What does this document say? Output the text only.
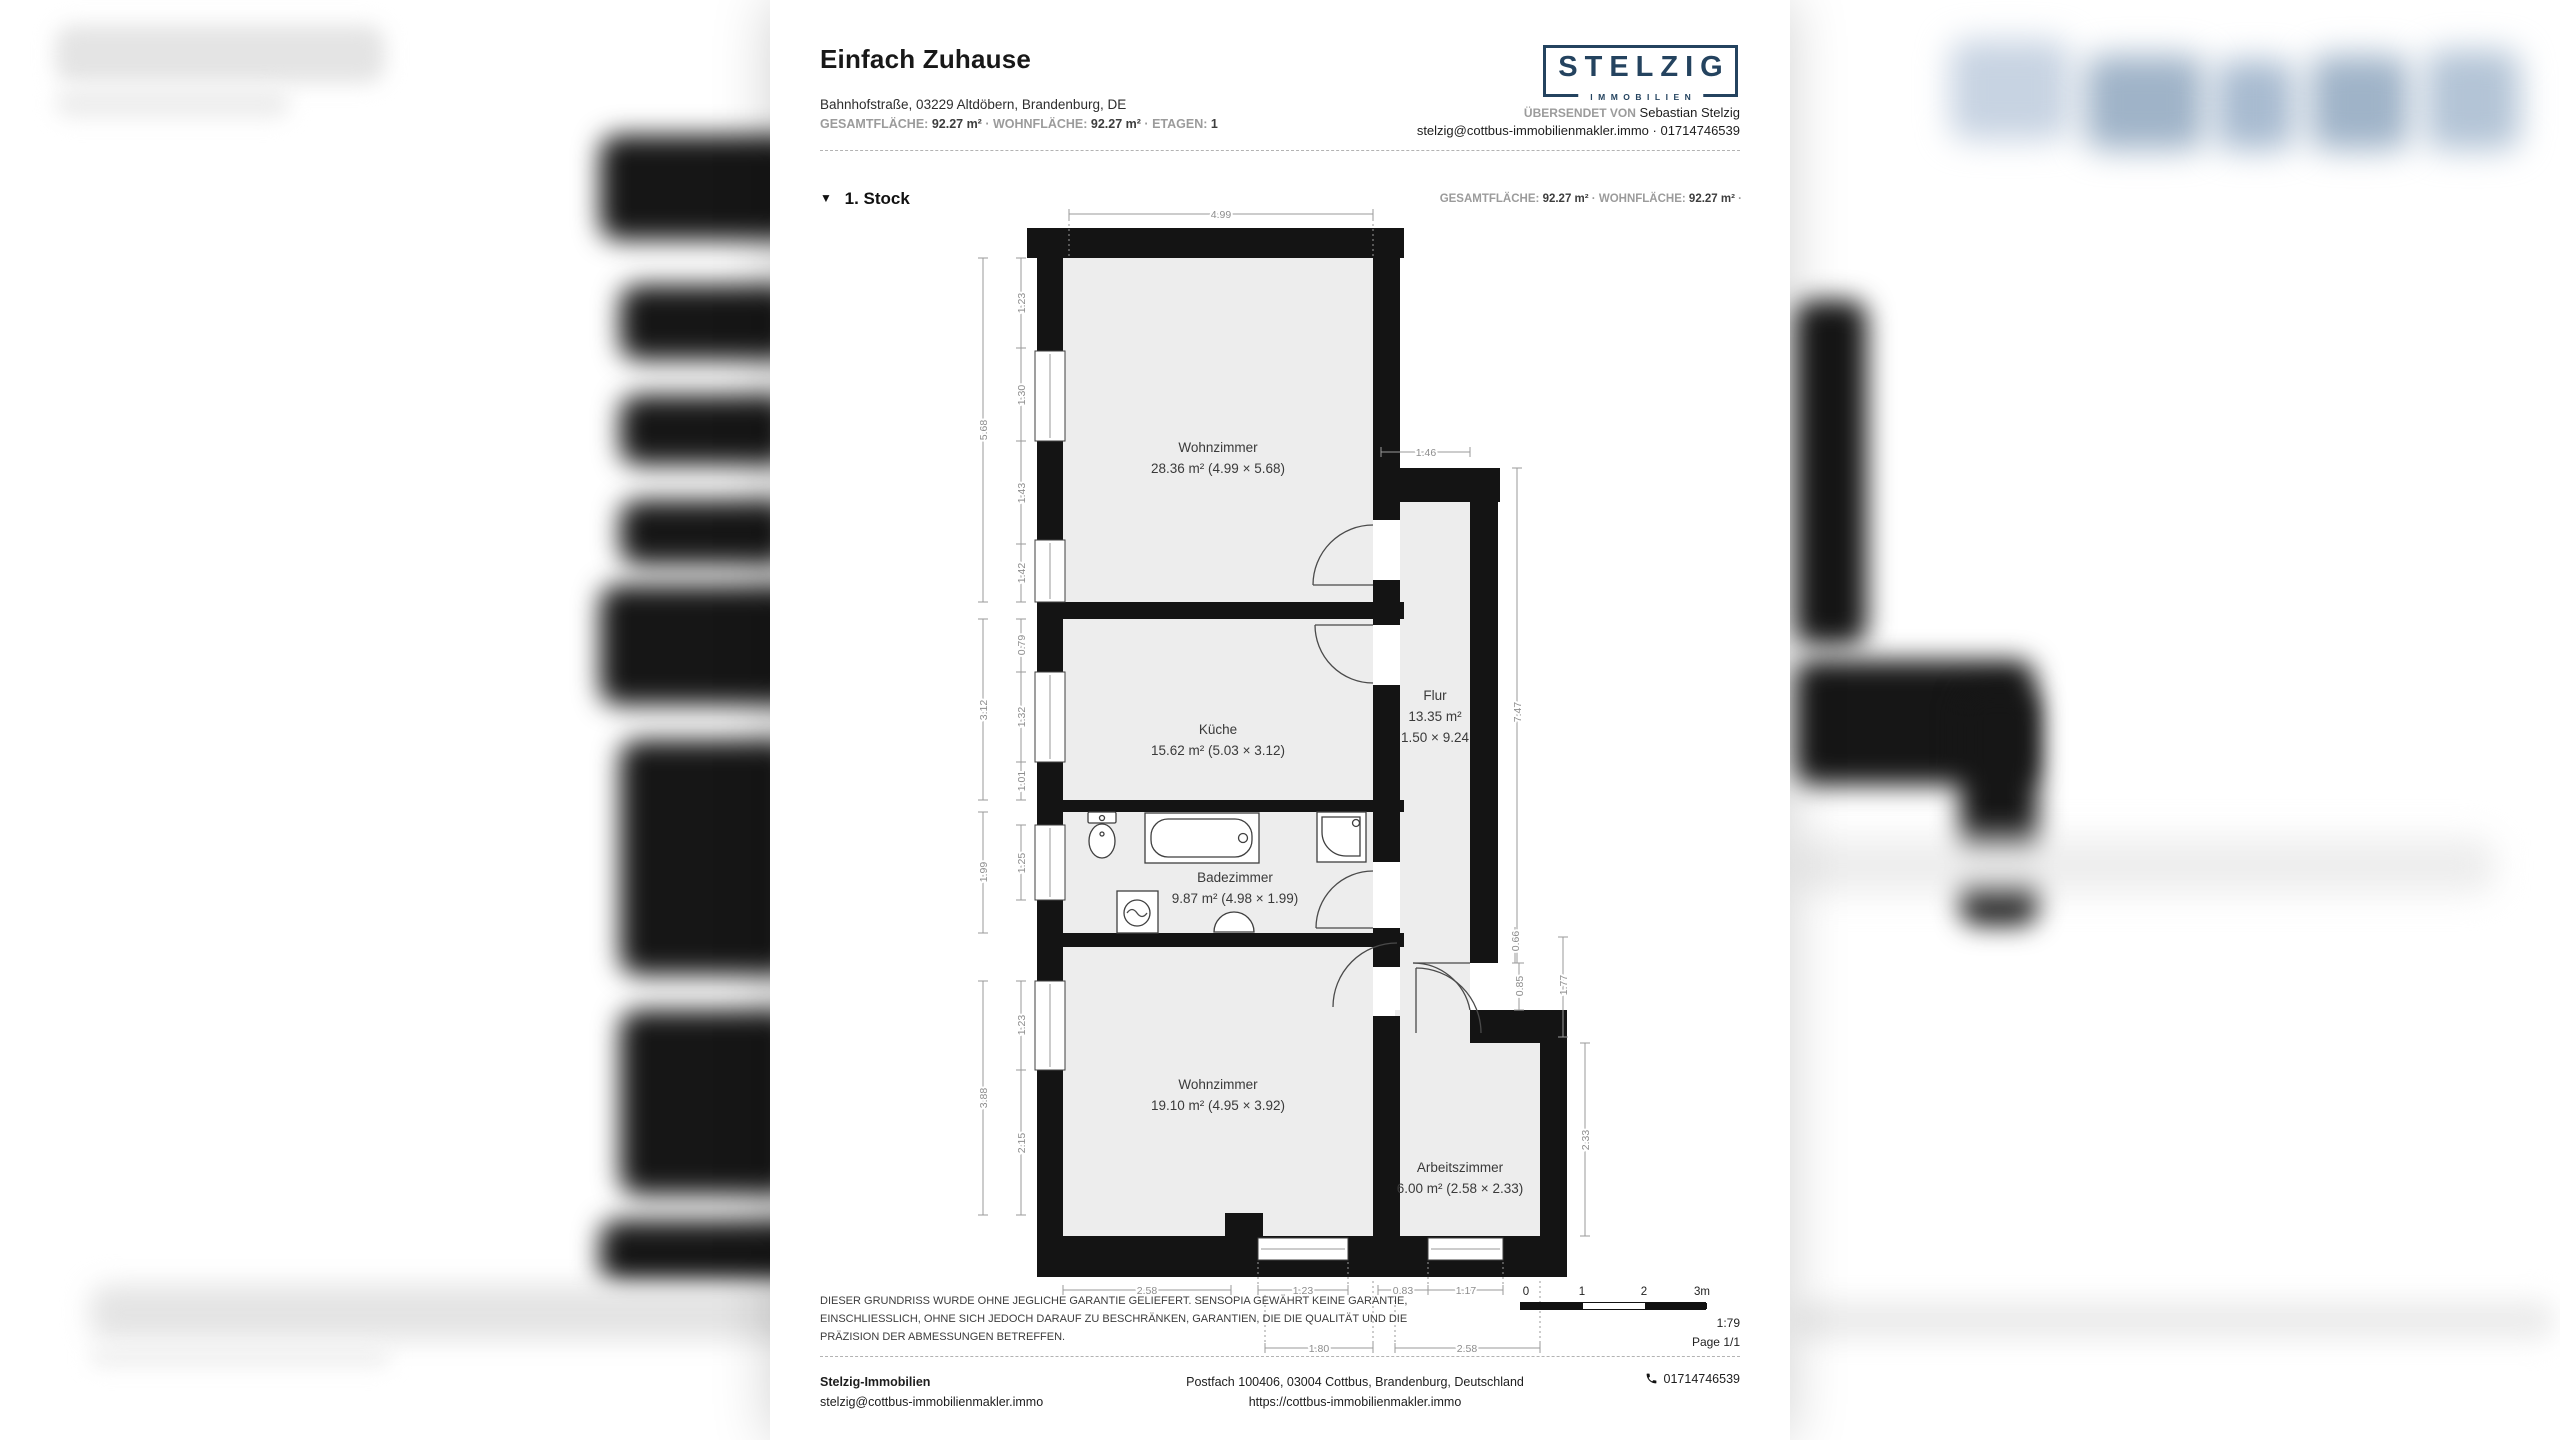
Einfach Zuhause
Bahnhofstraße, 03229 Altdöbern, Brandenburg, DE
GESAMTFLÄCHE: 92.27 m² · WOHNFLÄCHE: 92.27 m² · ETAGEN: 1
STELZIG
IMMOBILIEN
ÜBERSENDET VON Sebastian Stelzig
stelzig@cottbus-immobilienmakler.immo · 01714746539
▼ 1. Stock	GESAMTFLÄCHE: 92.27 m² · WOHNFLÄCHE: 92.27 m² ·
Wohnzimmer
28.36 m² (4.99 × 5.68)
Küche
15.62 m² (5.03 × 3.12)
Flur
13.35 m²
1.50 × 9.24
Badezimmer
9.87 m² (4.98 × 1.99)
Wohnzimmer
19.10 m² (4.95 × 3.92)
Arbeitszimmer
6.00 m² (2.58 × 2.33)
4.99
5.68
3.12
1.99
3.88
1.23
1.30
1.43
1.42
0.79
1.32
1.01
1.25
1.23
2.15
1.46
7.47
0.66
0.85	1.77
2.33
2.58	1.23	0.83	1.17
1.80	2.58
DIESER GRUNDRISS WURDE OHNE JEGLICHE GARANTIE GELIEFERT. SENSOPIA GEWÄHRT KEINE GARANTIE, EINSCHLIESSLICH, OHNE SICH JEDOCH DARAUF ZU BESCHRÄNKEN, GARANTIEN, DIE DIE QUALITÄT UND DIE PRÄZISION DER ABMESSUNGEN BETREFFEN.
0	1	2	3m
1:79
Page 1/1
Stelzig-Immobilien
stelzig@cottbus-immobilienmakler.immo
Postfach 100406, 03004 Cottbus, Brandenburg, Deutschland
https://cottbus-immobilienmakler.immo
01714746539
